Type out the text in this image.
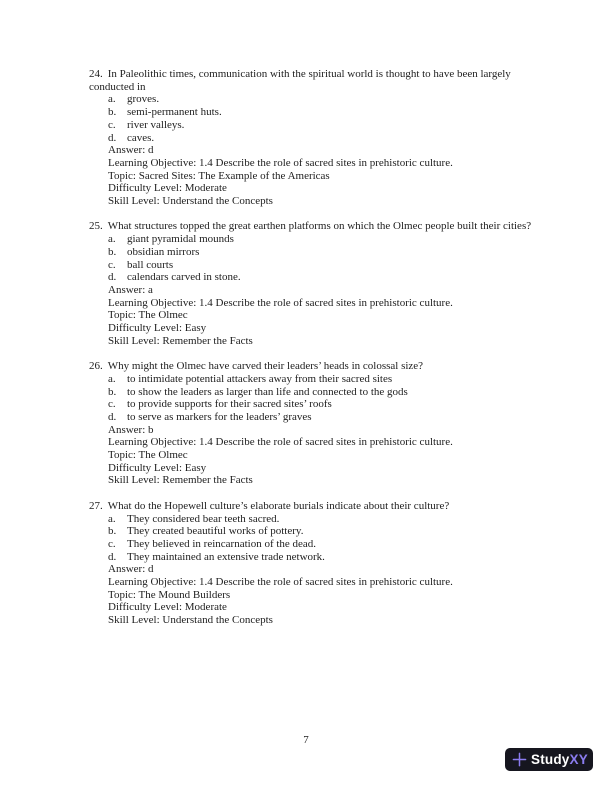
24. In Paleolithic times, communication with the spiritual world is thought to have been largely

conducted in
a. groves.
b. semi-permanent huts.
c. river valleys.
d. caves.
Answer: d
Learning Objective: 1.4 Describe the role of sacred sites in prehistoric culture.
Topic: Sacred Sites: The Example of the Americas
Difficulty Level: Moderate
Skill Level: Understand the Concepts

25. What structures topped the great earthen platforms on which the Olmec people built their cities?

a. giant pyramidal mounds
b. obsidian mirrors
c. ball courts
d. calendars carved in stone.
Answer: a
Learning Objective: 1.4 Describe the role of sacred sites in prehistoric culture.
Topic: The Olmec
Difficulty Level: Easy
Skill Level: Remember the Facts

26. Why might the Olmec have carved their leaders’ heads in colossal size?

a. to intimidate potential attackers away from their sacred sites
b. to show the leaders as larger than life and connected to the gods
c. to provide supports for their sacred sites’ roofs
d. to serve as markers for the leaders’ graves
Answer: b
Learning Objective: 1.4 Describe the role of sacred sites in prehistoric culture.
Topic: The Olmec
Difficulty Level: Easy
Skill Level: Remember the Facts

27. What do the Hopewell culture’s elaborate burials indicate about their culture?

a. They considered bear teeth sacred.
b. They created beautiful works of pottery.
c. They believed in reincarnation of the dead.
d. They maintained an extensive trade network.
Answer: d
Learning Objective: 1.4 Describe the role of sacred sites in prehistoric culture.
Topic: The Mound Builders
Difficulty Level: Moderate
Skill Level: Understand the Concepts
7
StudyXY
